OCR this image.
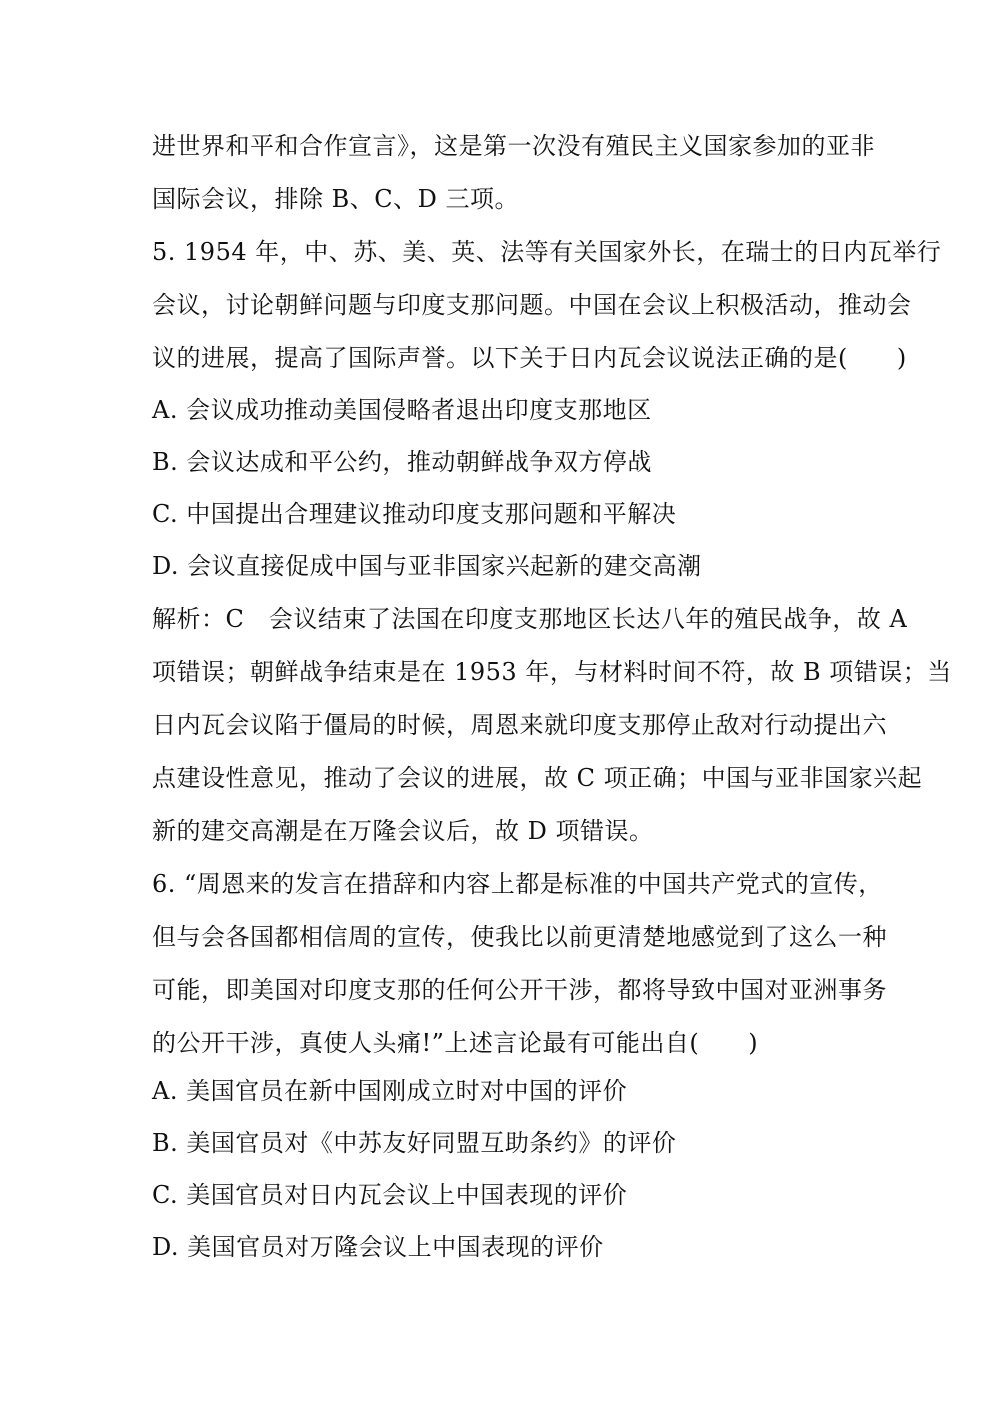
进世界和平和合作宣言》，这是第一次没有殖民主义国家参加的亚非
国际会议，排除 B、C、D 三项。
5. 1954 年，中、苏、美、英、法等有关国家外长，在瑞士的日内瓦举行
会议，讨论朝鲜问题与印度支那问题。中国在会议上积极活动，推动会
议的进展，提高了国际声誉。以下关于日内瓦会议说法正确的是(　　)
A. 会议成功推动美国侵略者退出印度支那地区
B. 会议达成和平公约，推动朝鲜战争双方停战
C. 中国提出合理建议推动印度支那问题和平解决
D. 会议直接促成中国与亚非国家兴起新的建交高潮
解析：C　会议结束了法国在印度支那地区长达八年的殖民战争，故 A
项错误；朝鲜战争结束是在 1953 年，与材料时间不符，故 B 项错误；当
日内瓦会议陷于僵局的时候，周恩来就印度支那停止敌对行动提出六
点建设性意见，推动了会议的进展，故 C 项正确；中国与亚非国家兴起
新的建交高潮是在万隆会议后，故 D 项错误。
6. “周恩来的发言在措辞和内容上都是标准的中国共产党式的宣传，
但与会各国都相信周的宣传，使我比以前更清楚地感觉到了这么一种
可能，即美国对印度支那的任何公开干涉，都将导致中国对亚洲事务
的公开干涉，真使人头痛!”上述言论最有可能出自(　　)
A. 美国官员在新中国刚成立时对中国的评价
B. 美国官员对《中苏友好同盟互助条约》的评价
C. 美国官员对日内瓦会议上中国表现的评价
D. 美国官员对万隆会议上中国表现的评价
